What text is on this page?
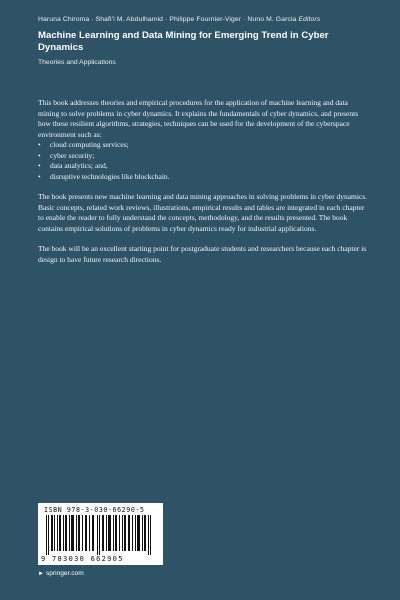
Haruna Chiroma · Shafi’i M. Abdulhamid · Philippe Fournier-Viger · Nuno M. Garcia Editors
Machine Learning and Data Mining for Emerging Trend in Cyber Dynamics
Theories and Applications

This book addresses theories and empirical procedures for the application of machine learning and data mining to solve problems in cyber dynamics. It explains the fundamentals of cyber dynamics, and presents how these resilient algorithms, strategies, techniques can be used for the development of the cyberspace environment such as:

• cloud computing services;
• cyber security;
• data analytics; and,
• disruptive technologies like blockchain.

The book presents new machine learning and data mining approaches in solving problems in cyber dynamics. Basic concepts, related work reviews, illustrations, empirical results and tables are integrated in each chapter to enable the reader to fully understand the concepts, methodology, and the results presented. The book contains empirical solutions of problems in cyber dynamics ready for industrial applications.

The book will be an excellent starting point for postgraduate students and researchers because each chapter is design to have future research directions.

ISBN 978-3-030-66290-5
9 783030 662905
► springer.com
